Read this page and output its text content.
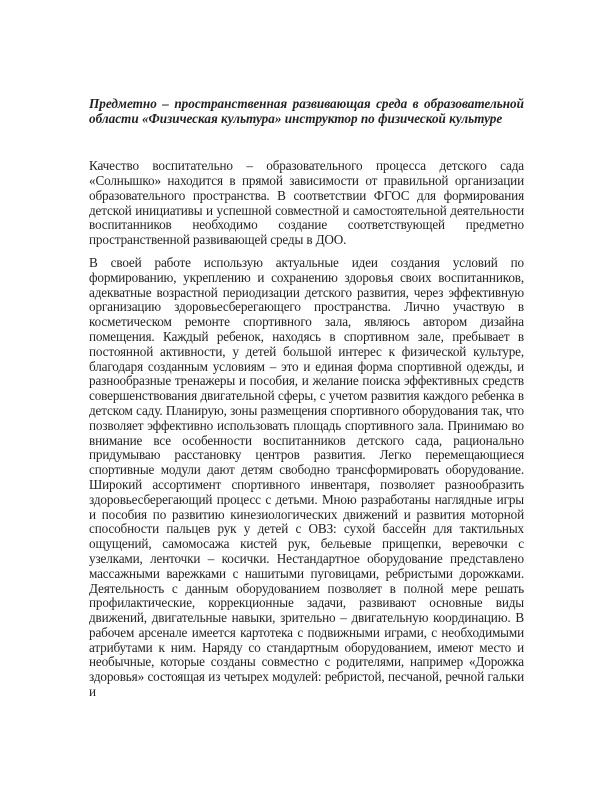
Предметно – пространственная развивающая среда в образовательной области «Физическая культура» инструктор по физической культуре

Качество воспитательно – образовательного процесса детского сада «Солнышко» находится в прямой зависимости от правильной организации образовательного пространства. В соответствии ФГОС для формирования детской инициативы и успешной совместной и самостоятельной деятельности воспитанников необходимо создание соответствующей предметно пространственной развивающей среды в ДОО.

В своей работе использую актуальные идеи создания условий по формированию, укреплению и сохранению здоровья своих воспитанников, адекватные возрастной периодизации детского развития, через эффективную организацию здоровьесберегающего пространства. Лично участвую в косметическом ремонте спортивного зала, являюсь автором дизайна помещения. Каждый ребенок, находясь в спортивном зале, пребывает в постоянной активности, у детей большой интерес к физической культуре, благодаря созданным условиям – это и единая форма спортивной одежды, и разнообразные тренажеры и пособия, и желание поиска эффективных средств совершенствования двигательной сферы, с учетом развития каждого ребенка в детском саду. Планирую, зоны размещения спортивного оборудования так, что позволяет эффективно использовать площадь спортивного зала. Принимаю во внимание все особенности воспитанников детского сада, рационально придумываю расстановку центров развития. Легко перемещающиеся спортивные модули дают детям свободно трансформировать оборудование. Широкий ассортимент спортивного инвентаря, позволяет разнообразить здоровьесберегающий процесс с детьми. Мною разработаны наглядные игры и пособия по развитию кинезиологических движений и развития моторной способности пальцев рук у детей с ОВЗ: сухой бассейн для тактильных ощущений, самомосажа кистей рук, бельевые прищепки, веревочки с узелками, ленточки – косички. Нестандартное оборудование представлено массажными варежками с нашитыми пуговицами, ребристыми дорожками. Деятельность с данным оборудованием позволяет в полной мере решать профилактические, коррекционные задачи, развивают основные виды движений, двигательные навыки, зрительно – двигательную координацию. В рабочем арсенале имеется картотека с подвижными играми, с необходимыми атрибутами к ним. Наряду со стандартным оборудованием, имеют место и необычные, которые созданы совместно с родителями, например «Дорожка здоровья» состоящая из четырех модулей: ребристой, песчаной, речной гальки и
